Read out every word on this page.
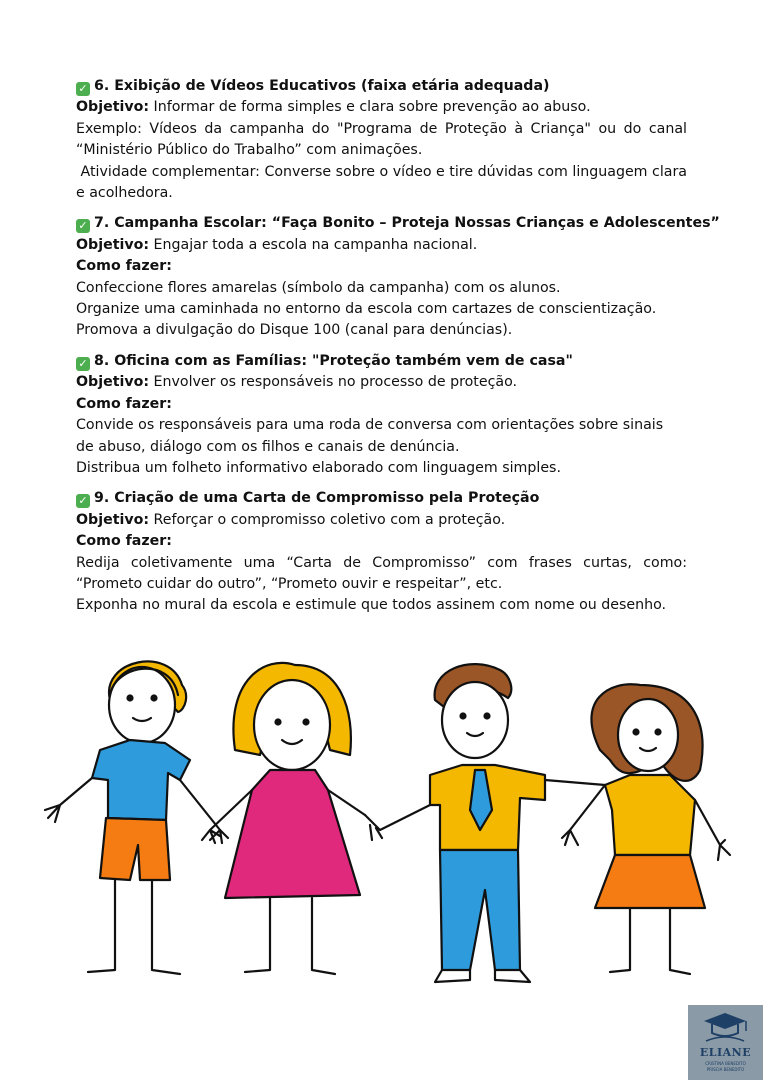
✓ 6. Exibição de Vídeos Educativos (faixa etária adequada)
Objetivo: Informar de forma simples e clara sobre prevenção ao abuso.
Exemplo: Vídeos da campanha do "Programa de Proteção à Criança" ou do canal
“Ministério Público do Trabalho” com animações.
Atividade complementar: Converse sobre o vídeo e tire dúvidas com linguagem clara
e acolhedora.
✓ 7. Campanha Escolar: “Faça Bonito – Proteja Nossas Crianças e Adolescentes”
Objetivo: Engajar toda a escola na campanha nacional.
Como fazer:
Confeccione flores amarelas (símbolo da campanha) com os alunos.
Organize uma caminhada no entorno da escola com cartazes de conscientização.
Promova a divulgação do Disque 100 (canal para denúncias).
✓ 8. Oficina com as Famílias: "Proteção também vem de casa"
Objetivo: Envolver os responsáveis no processo de proteção.
Como fazer:
Convide os responsáveis para uma roda de conversa com orientações sobre sinais
de abuso, diálogo com os filhos e canais de denúncia.
Distribua um folheto informativo elaborado com linguagem simples.
✓ 9. Criação de uma Carta de Compromisso pela Proteção
Objetivo: Reforçar o compromisso coletivo com a proteção.
Como fazer:
Redija coletivamente uma “Carta de Compromisso” com frases curtas, como:
“Prometo cuidar do outro”, “Prometo ouvir e respeitar”, etc.
Exponha no mural da escola e estimule que todos assinem com nome ou desenho.
ELIANE
CRISTINA BENEDITO
PRISCIA BENEDITO
